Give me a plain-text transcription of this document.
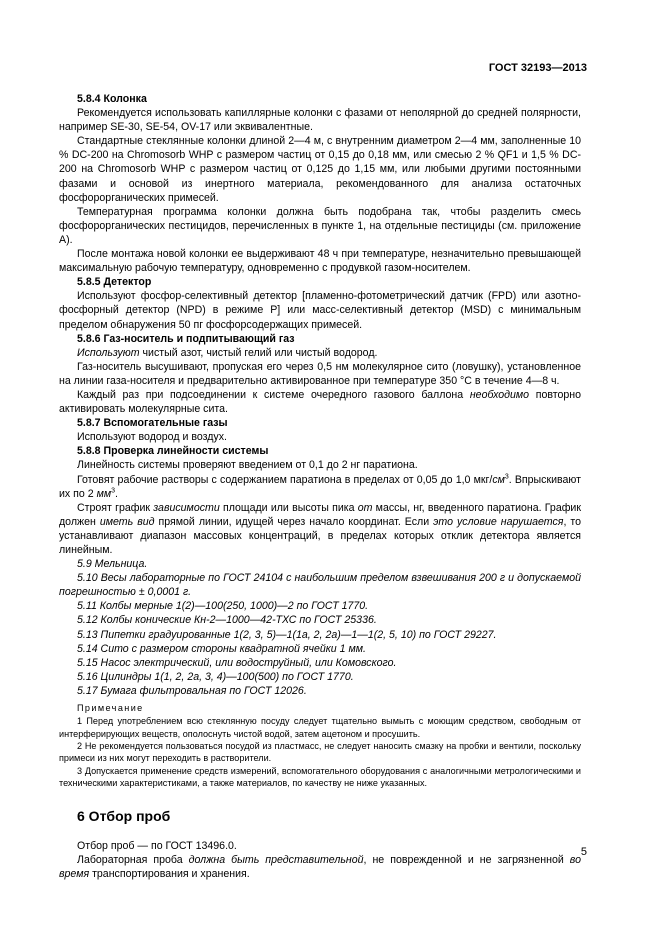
ГОСТ 32193—2013

5.8.4 Колонка

Рекомендуется использовать капиллярные колонки с фазами от неполярной до средней полярности, например SE-30, SE-54, OV-17 или эквивалентные.

Стандартные стеклянные колонки длиной 2—4 м, с внутренним диаметром 2—4 мм, заполненные 10 % DC-200 на Chromosorb WHP с размером частиц от 0,15 до 0,18 мм, или смесью 2 % QF1 и 1,5 % DC-200 на Chromosorb WHP с размером частиц от 0,125 до 1,15 мм, или любыми другими постоянными фазами и основой из инертного материала, рекомендованного для анализа остаточных фосфорорганических примесей.

Температурная программа колонки должна быть подобрана так, чтобы разделить смесь фосфорорганических пестицидов, перечисленных в пункте 1, на отдельные пестициды (см. приложение А).

После монтажа новой колонки ее выдерживают 48 ч при температуре, незначительно превышающей максимальную рабочую температуру, одновременно с продувкой газом-носителем.

5.8.5 Детектор

Используют фосфор-селективный детектор [пламенно-фотометрический датчик (FPD) или азотно-фосфорный детектор (NPD) в режиме P] или масс-селективный детектор (MSD) с минимальным пределом обнаружения 50 пг фосфорсодержащих примесей.

5.8.6 Газ-носитель и подпитывающий газ

Используют чистый азот, чистый гелий или чистый водород.

Газ-носитель высушивают, пропуская его через 0,5 нм молекулярное сито (ловушку), установленное на линии газа-носителя и предварительно активированное при температуре 350 °С в течение 4—8 ч.

Каждый раз при подсоединении к системе очередного газового баллона необходимо повторно активировать молекулярные сита.

5.8.7 Вспомогательные газы

Используют водород и воздух.

5.8.8 Проверка линейности системы

Линейность системы проверяют введением от 0,1 до 2 нг паратиона.

Готовят рабочие растворы с содержанием паратиона в пределах от 0,05 до 1,0 мкг/$см^3$. Впрыскивают их по 2 $мм^3$.

Строят график зависимости площади или высоты пика от массы, нг, введенного паратиона. График должен иметь вид прямой линии, идущей через начало координат. Если это условие нарушается, то устанавливают диапазон массовых концентраций, в пределах которых отклик детектора является линейным.

5.9 Мельница.

5.10 Весы лабораторные по ГОСТ 24104 с наибольшим пределом взвешивания 200 г и допускаемой погрешностью ± 0,0001 г.

5.11 Колбы мерные 1(2)—100(250, 1000)—2 по ГОСТ 1770.

5.12 Колбы конические Кн-2—1000—42-ТХС по ГОСТ 25336.

5.13 Пипетки градуированные 1(2, 3, 5)—1(1а, 2, 2а)—1—1(2, 5, 10) по ГОСТ 29227.

5.14 Сито с размером стороны квадратной ячейки 1 мм.

5.15 Насос электрический, или водоструйный, или Комовского.

5.16 Цилиндры 1(1, 2, 2а, 3, 4)—100(500) по ГОСТ 1770.

5.17 Бумага фильтровальная по ГОСТ 12026.

Примечание

1 Перед употреблением всю стеклянную посуду следует тщательно вымыть с моющим средством, свободным от интерферирующих веществ, ополоснуть чистой водой, затем ацетоном и просушить.

2 Не рекомендуется пользоваться посудой из пластмасс, не следует наносить смазку на пробки и вентили, поскольку примеси из них могут переходить в растворители.

3 Допускается применение средств измерений, вспомогательного оборудования с аналогичными метрологическими и техническими характеристиками, а также материалов, по качеству не ниже указанных.

6 Отбор проб

Отбор проб — по ГОСТ 13496.0.

Лабораторная проба должна быть представительной, не поврежденной и не загрязненной во время транспортирования и хранения.

5
